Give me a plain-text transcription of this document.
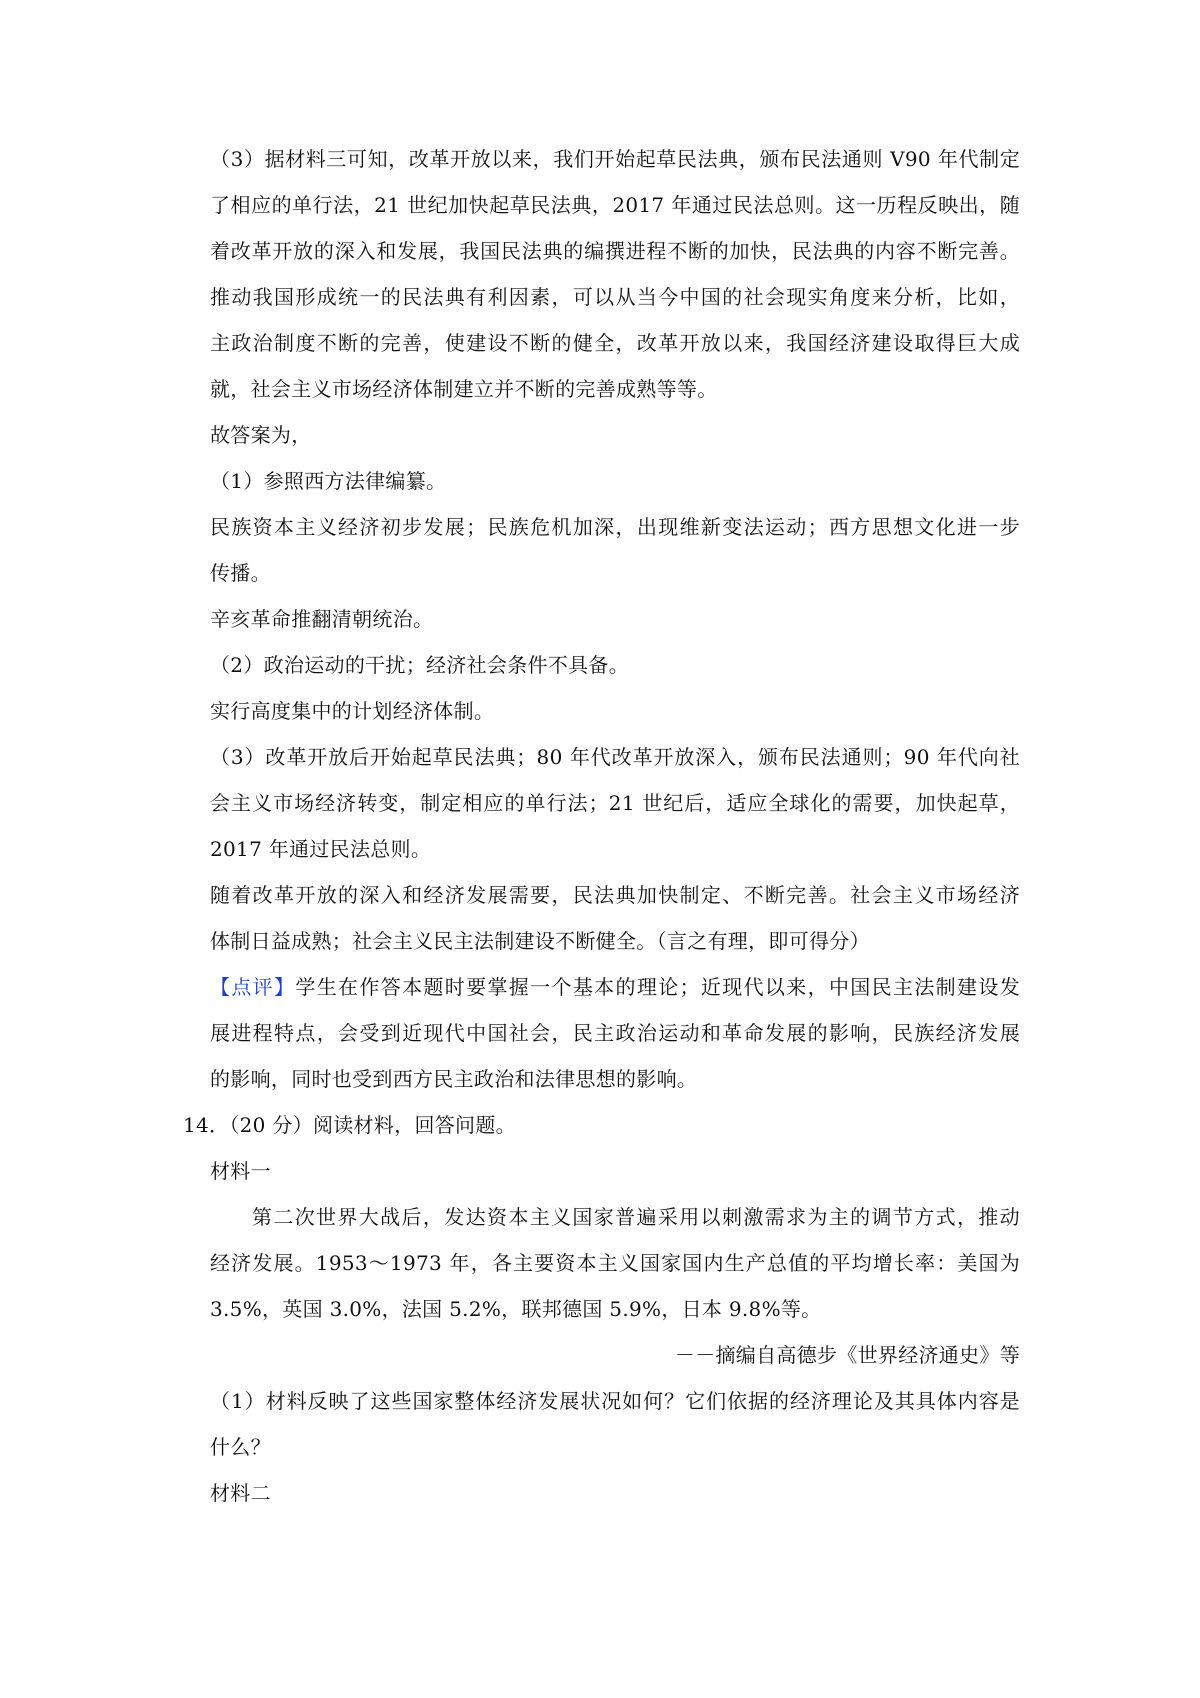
（3）据材料三可知，改革开放以来，我们开始起草民法典，颁布民法通则 V90 年代制定
了相应的单行法，21 世纪加快起草民法典，2017 年通过民法总则。这一历程反映出，随
着改革开放的深入和发展，我国民法典的编撰进程不断的加快，民法典的内容不断完善。
推动我国形成统一的民法典有利因素，可以从当今中国的社会现实角度来分析，比如，
主政治制度不断的完善，使建设不断的健全，改革开放以来，我国经济建设取得巨大成
就，社会主义市场经济体制建立并不断的完善成熟等等。
故答案为，
（1）参照西方法律编纂。
民族资本主义经济初步发展；民族危机加深，出现维新变法运动；西方思想文化进一步
传播。
辛亥革命推翻清朝统治。
（2）政治运动的干扰；经济社会条件不具备。
实行高度集中的计划经济体制。
（3）改革开放后开始起草民法典；80 年代改革开放深入，颁布民法通则；90 年代向社
会主义市场经济转变，制定相应的单行法；21 世纪后，适应全球化的需要，加快起草，
2017 年通过民法总则。
随着改革开放的深入和经济发展需要，民法典加快制定、不断完善。社会主义市场经济
体制日益成熟；社会主义民主法制建设不断健全。（言之有理，即可得分）
【点评】学生在作答本题时要掌握一个基本的理论；近现代以来，中国民主法制建设发
展进程特点，会受到近现代中国社会，民主政治运动和革命发展的影响，民族经济发展
的影响，同时也受到西方民主政治和法律思想的影响。
14．（20 分）阅读材料，回答问题。
材料一
第二次世界大战后，发达资本主义国家普遍采用以刺激需求为主的调节方式，推动
经济发展。1953～1973 年，各主要资本主义国家国内生产总值的平均增长率：美国为
3.5%，英国 3.0%，法国 5.2%，联邦德国 5.9%，日本 9.8%等。
－－摘编自高德步《世界经济通史》等
（1）材料反映了这些国家整体经济发展状况如何？它们依据的经济理论及其具体内容是
什么？
材料二
